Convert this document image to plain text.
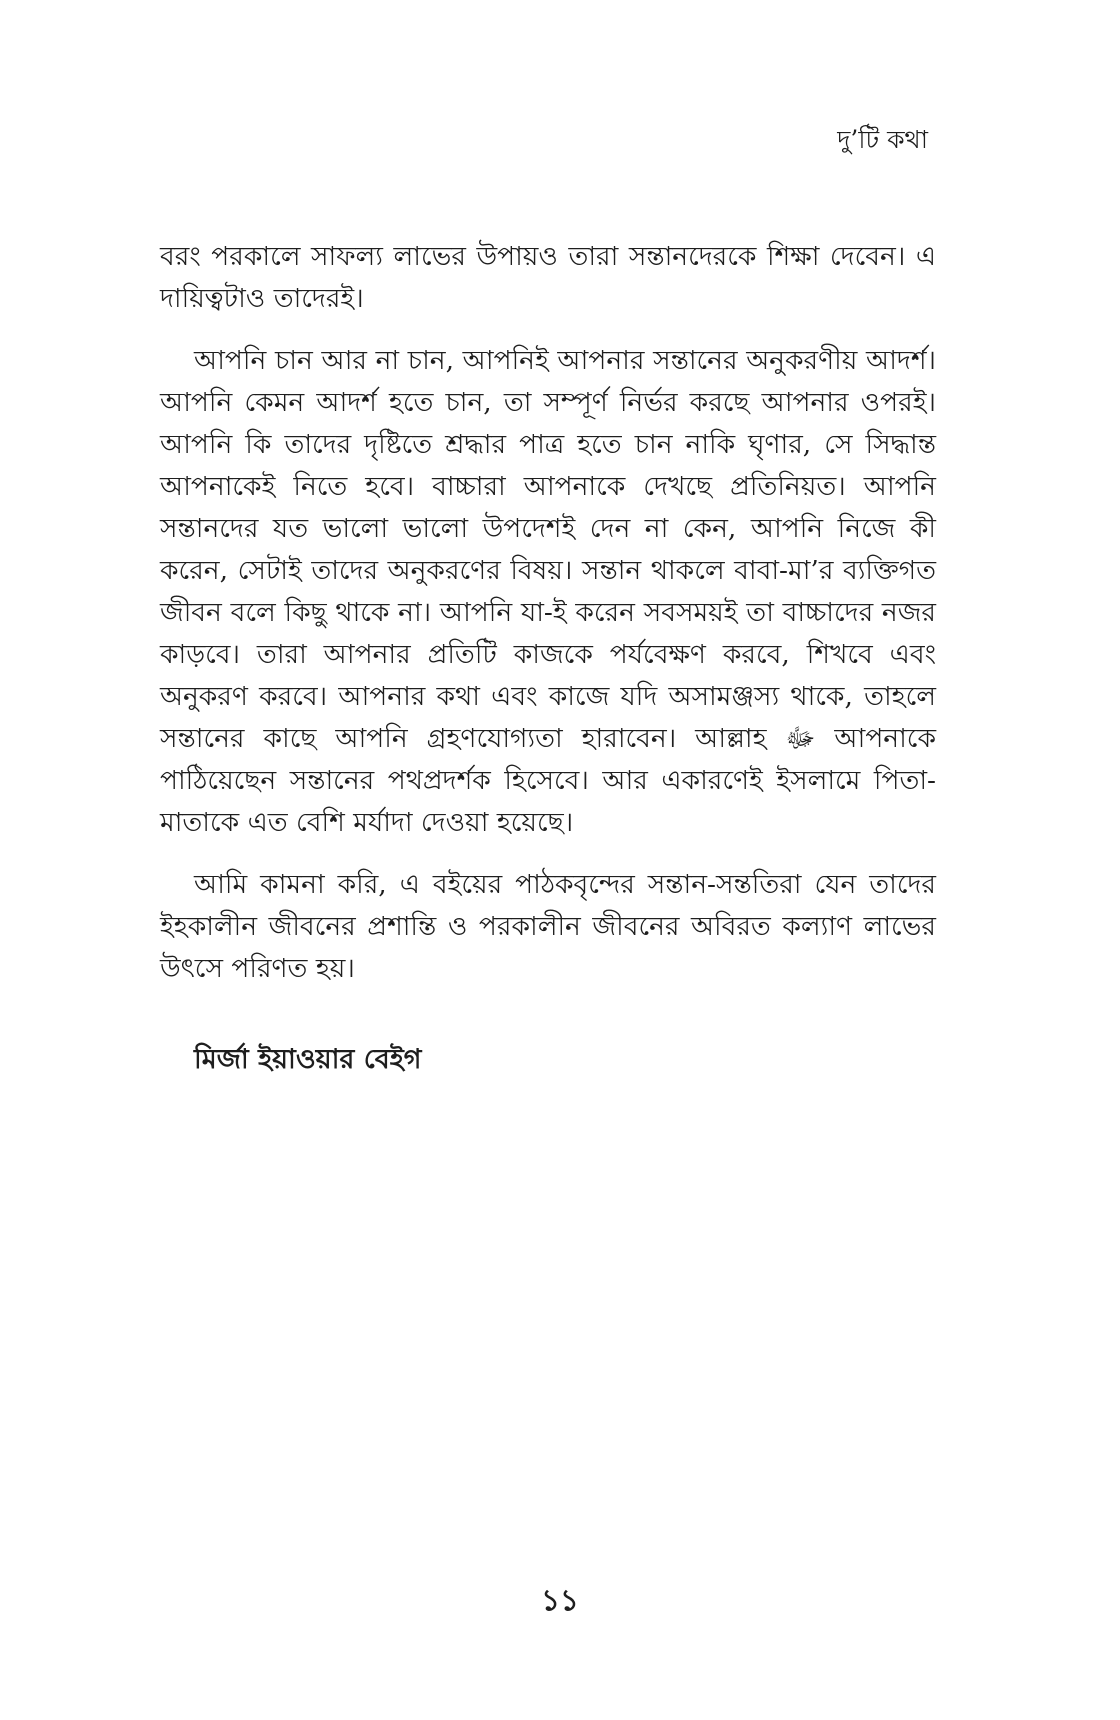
দু’টি কথা

বরং পরকালে সাফল্য লাভের উপায়ও তারা সন্তানদেরকে শিক্ষা দেবেন। এ দায়িত্বটাও তাদেরই।

আপনি চান আর না চান, আপনিই আপনার সন্তানের অনুকরণীয় আদর্শ। আপনি কেমন আদর্শ হতে চান, তা সম্পূর্ণ নির্ভর করছে আপনার ওপরই। আপনি কি তাদের দৃষ্টিতে শ্রদ্ধার পাত্র হতে চান নাকি ঘৃণার, সে সিদ্ধান্ত আপনাকেই নিতে হবে। বাচ্চারা আপনাকে দেখছে প্রতিনিয়ত। আপনি সন্তানদের যত ভালো ভালো উপদেশই দেন না কেন, আপনি নিজে কী করেন, সেটাই তাদের অনুকরণের বিষয়। সন্তান থাকলে বাবা-মা’র ব্যক্তিগত জীবন বলে কিছু থাকে না। আপনি যা-ই করেন সবসময়ই তা বাচ্চাদের নজর কাড়বে। তারা আপনার প্রতিটি কাজকে পর্যবেক্ষণ করবে, শিখবে এবং অনুকরণ করবে। আপনার কথা এবং কাজে যদি অসামঞ্জস্য থাকে, তাহলে সন্তানের কাছে আপনি গ্রহণযোগ্যতা হারাবেন। আল্লাহ ﷻ আপনাকে পাঠিয়েছেন সন্তানের পথপ্রদর্শক হিসেবে। আর একারণেই ইসলামে পিতা-মাতাকে এত বেশি মর্যাদা দেওয়া হয়েছে।

আমি কামনা করি, এ বইয়ের পাঠকবৃন্দের সন্তান-সন্ততিরা যেন তাদের ইহকালীন জীবনের প্রশান্তি ও পরকালীন জীবনের অবিরত কল্যাণ লাভের উৎসে পরিণত হয়।

মির্জা ইয়াওয়ার বেইগ
১১
